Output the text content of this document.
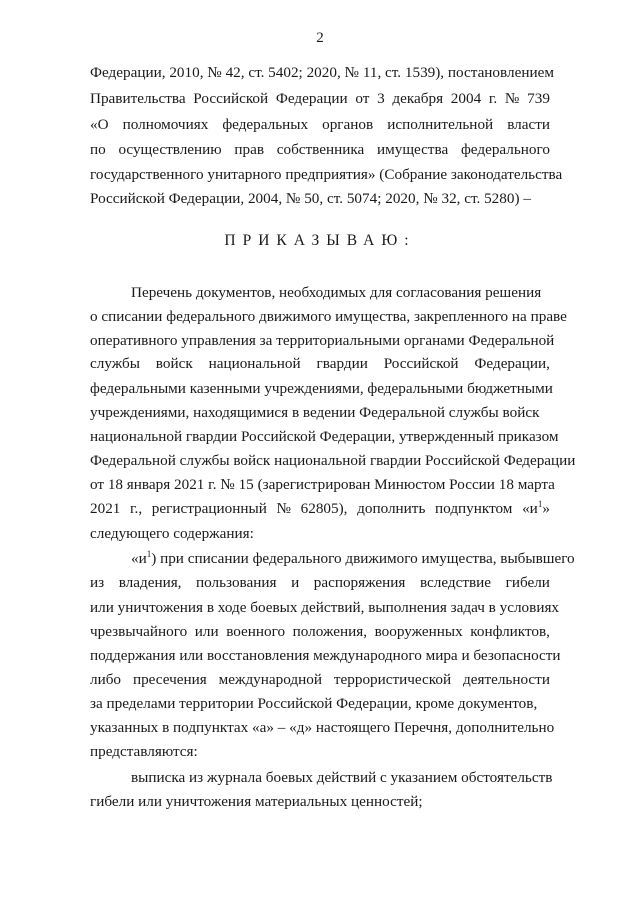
2
Федерации, 2010, № 42, ст. 5402; 2020, № 11, ст. 1539), постановлением
Правительства Российской Федерации от 3 декабря 2004 г. № 739
«О полномочиях федеральных органов исполнительной власти
по осуществлению прав собственника имущества федерального
государственного унитарного предприятия» (Собрание законодательства
Российской Федерации, 2004, № 50, ст. 5074; 2020, № 32, ст. 5280) –
ПРИКАЗЫВАЮ:
Перечень документов, необходимых для согласования решения
о списании федерального движимого имущества, закрепленного на праве
оперативного управления за территориальными органами Федеральной
службы войск национальной гвардии Российской Федерации,
федеральными казенными учреждениями, федеральными бюджетными
учреждениями, находящимися в ведении Федеральной службы войск
национальной гвардии Российской Федерации, утвержденный приказом
Федеральной службы войск национальной гвардии Российской Федерации
от 18 января 2021 г. № 15 (зарегистрирован Минюстом России 18 марта
2021 г., регистрационный № 62805), дополнить подпунктом «$и^1$»
следующего содержания:
«$и^1$) при списании федерального движимого имущества, выбывшего
из владения, пользования и распоряжения вследствие гибели
или уничтожения в ходе боевых действий, выполнения задач в условиях
чрезвычайного или военного положения, вооруженных конфликтов,
поддержания или восстановления международного мира и безопасности
либо пресечения международной террористической деятельности
за пределами территории Российской Федерации, кроме документов,
указанных в подпунктах «а» – «д» настоящего Перечня, дополнительно
представляются:
выписка из журнала боевых действий с указанием обстоятельств
гибели или уничтожения материальных ценностей;
